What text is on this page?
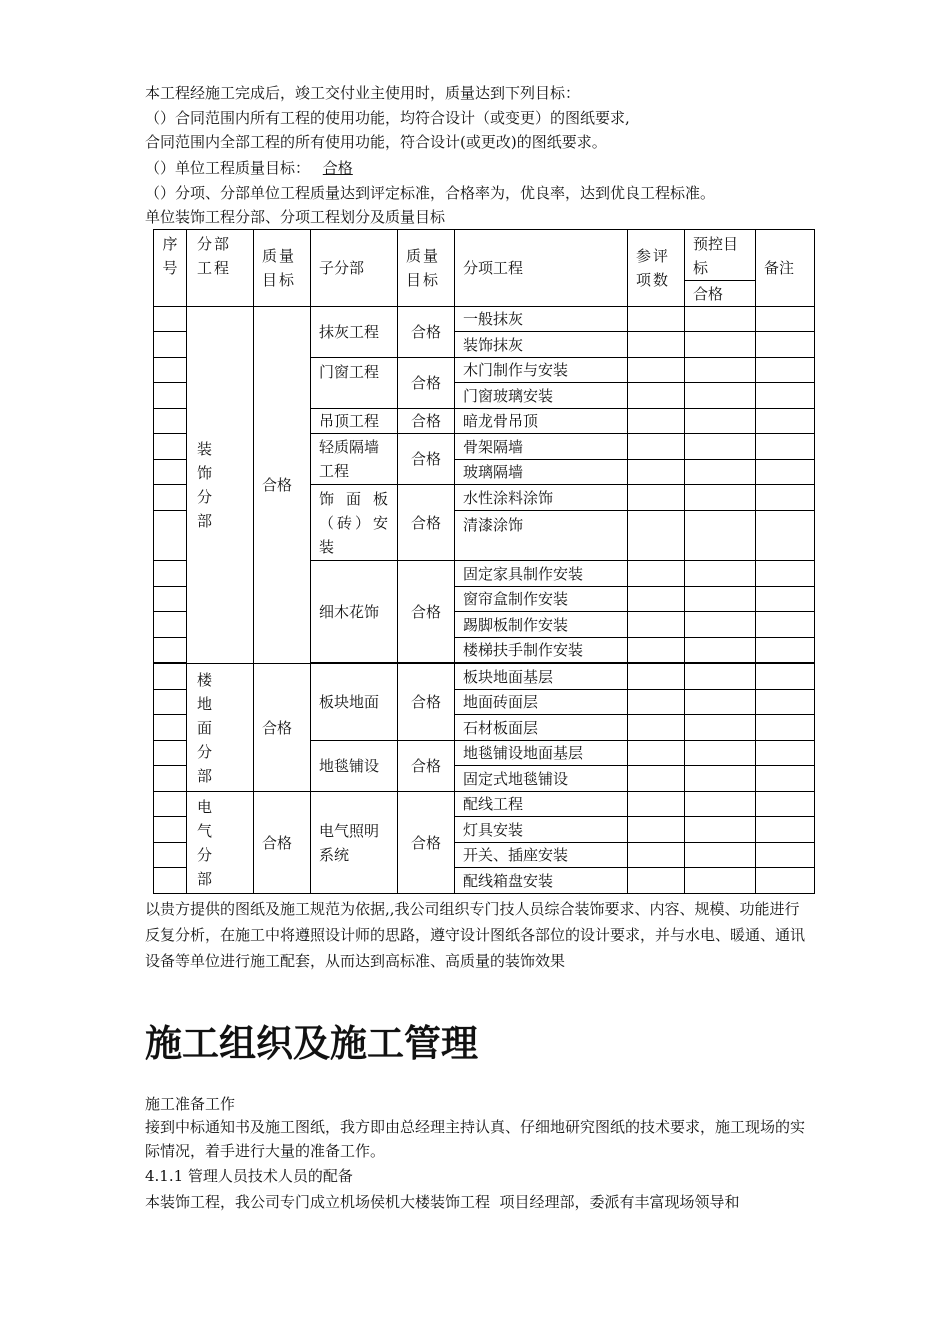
本工程经施工完成后，竣工交付业主使用时，质量达到下列目标：
（）合同范围内所有工程的使用功能，均符合设计（或变更）的图纸要求,
合同范围内全部工程的所有使用功能，符合设计(或更改)的图纸要求。
（）单位工程质量目标： 合格
（）分项、分部单位工程质量达到评定标准，合格率为，优良率，达到优良工程标准。
单位装饰工程分部、分项工程划分及质量目标
序号	分部工程	质量目标	子分部	质量目标	分项工程	参评项数	预控目标	备注	
							合格		
	装饰分部	合格	抹灰工程	合格	一般抹灰				
					装饰抹灰				
			门窗工程	合格	木门制作与安装				
					门窗玻璃安装				
			吊顶工程	合格	暗龙骨吊顶				
			轻质隔墙工程	合格	骨架隔墙				
					玻璃隔墙				
			饰面板（砖）安装	合格	水性涂料涂饰				
					清漆涂饰				
			细木花饰	合格	固定家具制作安装				
					窗帘盒制作安装				
					踢脚板制作安装				
					楼梯扶手制作安装				

	楼地面分部	合格	板块地面	合格	板块地面基层				
					地面砖面层				
					石材板面层				
			地毯铺设	合格	地毯铺设地面基层				
					固定式地毯铺设				
	电气分部	合格	电气照明系统	合格	配线工程				
					灯具安装				
					开关、插座安装				
					配线箱盘安装				
以贵方提供的图纸及施工规范为依据,,我公司组织专门技人员综合装饰要求、内容、规模、功能进行反复分析，在施工中将遵照设计师的思路，遵守设计图纸各部位的设计要求，并与水电、暖通、通讯设备等单位进行施工配套，从而达到高标准、高质量的装饰效果
施工组织及施工管理
施工准备工作
接到中标通知书及施工图纸，我方即由总经理主持认真、仔细地研究图纸的技术要求，施工现场的实际情况，着手进行大量的准备工作。
4.1.1 管理人员技术人员的配备
本装饰工程，我公司专门成立机场侯机大楼装饰工程  项目经理部，委派有丰富现场领导和
